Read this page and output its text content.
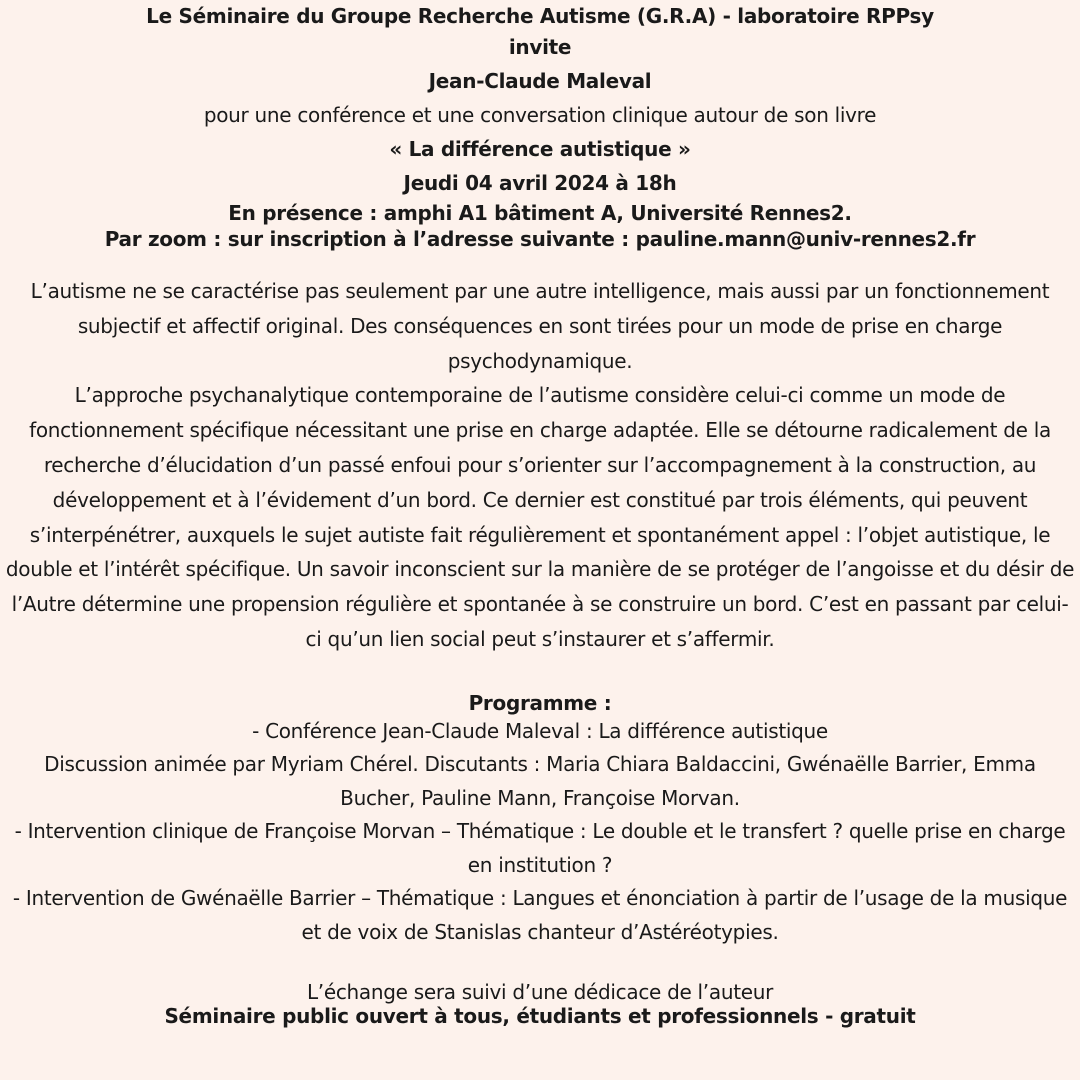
Le Séminaire du Groupe Recherche Autisme (G.R.A) - laboratoire RPPsy
invite
Jean-Claude Maleval
pour une conférence et une conversation clinique autour de son livre
« La différence autistique »
Jeudi 04 avril 2024 à 18h
En présence : amphi A1 bâtiment A, Université Rennes2.
Par zoom : sur inscription à l’adresse suivante : pauline.mann@univ-rennes2.fr

L’autisme ne se caractérise pas seulement par une autre intelligence, mais aussi par un fonctionnement subjectif et affectif original. Des conséquences en sont tirées pour un mode de prise en charge psychodynamique.

L’approche psychanalytique contemporaine de l’autisme considère celui-ci comme un mode de fonctionnement spécifique nécessitant une prise en charge adaptée. Elle se détourne radicalement de la recherche d’élucidation d’un passé enfoui pour s’orienter sur l’accompagnement à la construction, au développement et à l’évidement d’un bord. Ce dernier est constitué par trois éléments, qui peuvent s’interpénétrer, auxquels le sujet autiste fait régulièrement et spontanément appel : l’objet autistique, le double et l’intérêt spécifique. Un savoir inconscient sur la manière de se protéger de l’angoisse et du désir de l’Autre détermine une propension régulière et spontanée à se construire un bord. C’est en passant par celui-ci qu’un lien social peut s’instaurer et s’affermir.

Programme :

- Conférence Jean-Claude Maleval : La différence autistique

Discussion animée par Myriam Chérel. Discutants : Maria Chiara Baldaccini, Gwénaëlle Barrier, Emma Bucher, Pauline Mann, Françoise Morvan.

- Intervention clinique de Françoise Morvan – Thématique : Le double et le transfert ? quelle prise en charge en institution ?

- Intervention de Gwénaëlle Barrier – Thématique : Langues et énonciation à partir de l’usage de la musique et de voix de Stanislas chanteur d’Astéréotypies.

L’échange sera suivi d’une dédicace de l’auteur
Séminaire public ouvert à tous, étudiants et professionnels - gratuit
